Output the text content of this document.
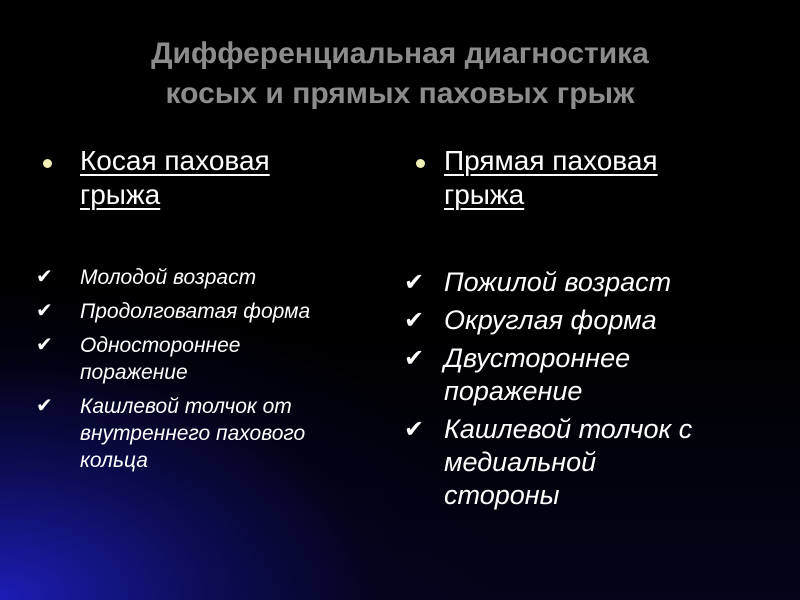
Дифференциальная диагностика
косых и прямых паховых грыж
Косая паховая
грыжа
✔ Молодой возраст
✔ Продолговатая форма
✔ Одностороннее
поражение
✔ Кашлевой толчок от
внутреннего пахового
кольца
Прямая паховая
грыжа
✔ Пожилой возраст
✔ Округлая форма
✔ Двустороннее
поражение
✔ Кашлевой толчок с
медиальной
стороны
